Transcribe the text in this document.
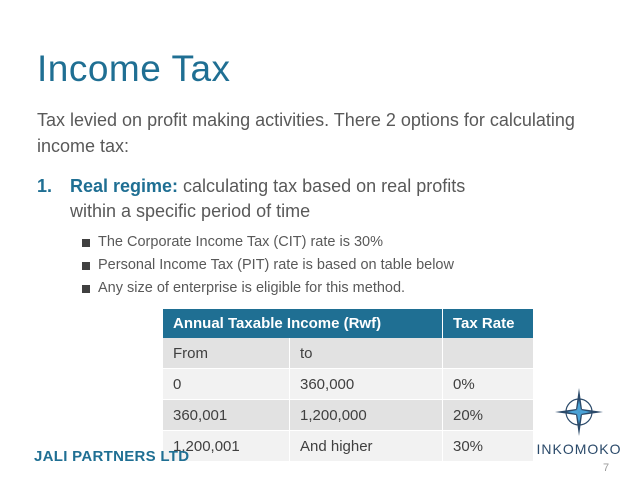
Income Tax
Tax levied on profit making activities. There 2 options for calculating income tax:
1. Real regime: calculating tax based on real profits
within a specific period of time
The Corporate Income Tax (CIT) rate is 30%
Personal Income Tax (PIT) rate is based on table below
Any size of enterprise is eligible for this method.
Annual Taxable Income (Rwf)		Tax Rate
From	to	
0	360,000	0%
360,001	1,200,000	20%
1,200,001	And higher	30%
JALI PARTNERS LTD	INKOMOKO
7
